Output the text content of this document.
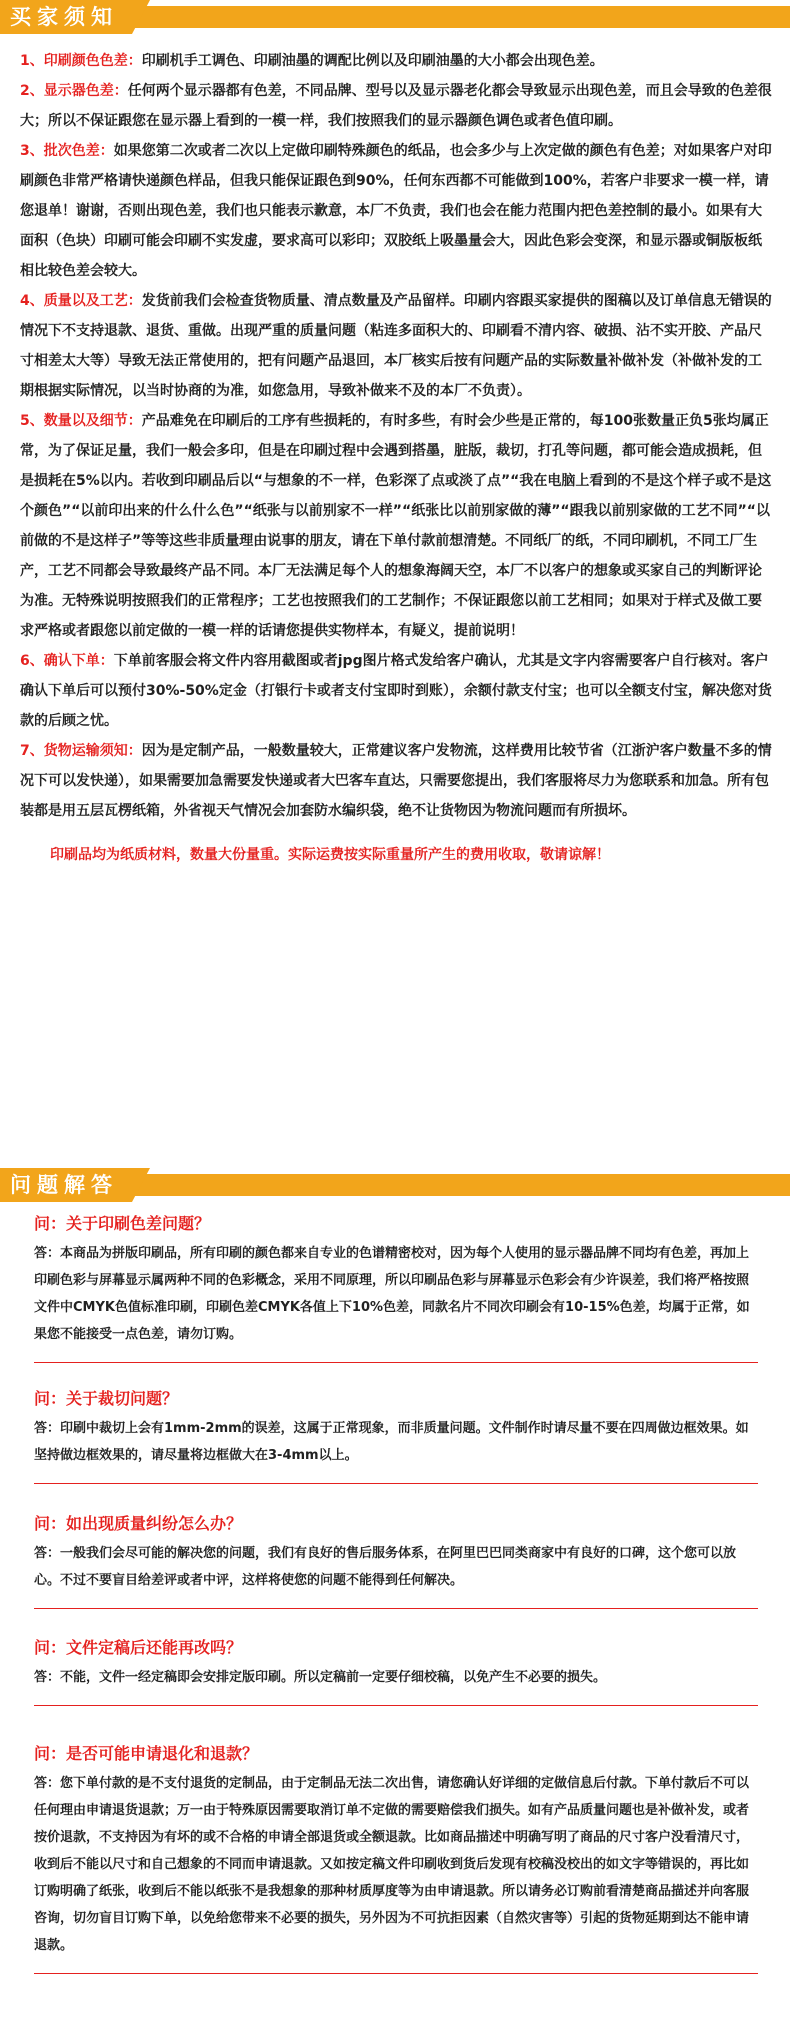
买家须知

1、印刷颜色色差：印刷机手工调色、印刷油墨的调配比例以及印刷油墨的大小都会出现色差。

2、显示器色差：任何两个显示器都有色差，不同品牌、型号以及显示器老化都会导致显示出现色差，而且会导致的色差很大；所以不保证跟您在显示器上看到的一模一样，我们按照我们的显示器颜色调色或者色值印刷。

3、批次色差：如果您第二次或者二次以上定做印刷特殊颜色的纸品，也会多少与上次定做的颜色有色差；对如果客户对印刷颜色非常严格请快递颜色样品，但我只能保证跟色到90%，任何东西都不可能做到100%，若客户非要求一模一样，请您退单！谢谢，否则出现色差，我们也只能表示歉意，本厂不负责，我们也会在能力范围内把色差控制的最小。如果有大面积（色块）印刷可能会印刷不实发虚，要求高可以彩印；双胶纸上吸墨量会大，因此色彩会变深，和显示器或铜版板纸相比较色差会较大。

4、质量以及工艺：发货前我们会检查货物质量、清点数量及产品留样。印刷内容跟买家提供的图稿以及订单信息无错误的情况下不支持退款、退货、重做。出现严重的质量问题（粘连多面积大的、印刷看不清内容、破损、沾不实开胶、产品尺寸相差太大等）导致无法正常使用的，把有问题产品退回，本厂核实后按有问题产品的实际数量补做补发（补做补发的工期根据实际情况，以当时协商的为准，如您急用，导致补做来不及的本厂不负责）。

5、数量以及细节：产品难免在印刷后的工序有些损耗的，有时多些，有时会少些是正常的，每100张数量正负5张均属正常，为了保证足量，我们一般会多印，但是在印刷过程中会遇到搭墨，脏版，裁切，打孔等问题，都可能会造成损耗，但是损耗在5%以内。若收到印刷品后以“与想象的不一样，色彩深了点或淡了点”“我在电脑上看到的不是这个样子或不是这个颜色”“以前印出来的什么什么色”“纸张与以前别家不一样”“纸张比以前别家做的薄”“跟我以前别家做的工艺不同”“以前做的不是这样子”等等这些非质量理由说事的朋友，请在下单付款前想清楚。不同纸厂的纸，不同印刷机，不同工厂生产，工艺不同都会导致最终产品不同。本厂无法满足每个人的想象海阔天空，本厂不以客户的想象或买家自己的判断评论为准。无特殊说明按照我们的正常程序；工艺也按照我们的工艺制作；不保证跟您以前工艺相同；如果对于样式及做工要求严格或者跟您以前定做的一模一样的话请您提供实物样本，有疑义，提前说明！

6、确认下单：下单前客服会将文件内容用截图或者jpg图片格式发给客户确认，尤其是文字内容需要客户自行核对。客户确认下单后可以预付30%-50%定金（打银行卡或者支付宝即时到账），余额付款支付宝；也可以全额支付宝，解决您对货款的后顾之忧。

7、货物运输须知：因为是定制产品，一般数量较大，正常建议客户发物流，这样费用比较节省（江浙沪客户数量不多的情况下可以发快递），如果需要加急需要发快递或者大巴客车直达，只需要您提出，我们客服将尽力为您联系和加急。所有包装都是用五层瓦楞纸箱，外省视天气情况会加套防水编织袋，绝不让货物因为物流问题而有所损坏。

印刷品均为纸质材料，数量大份量重。实际运费按实际重量所产生的费用收取，敬请谅解！

问题解答
问：关于印刷色差问题？
答：本商品为拼版印刷品，所有印刷的颜色都来自专业的色谱精密校对，因为每个人使用的显示器品牌不同均有色差，再加上印刷色彩与屏幕显示属两种不同的色彩概念，采用不同原理，所以印刷品色彩与屏幕显示色彩会有少许误差，我们将严格按照文件中CMYK色值标准印刷，印刷色差CMYK各值上下10%色差，同款名片不同次印刷会有10-15%色差，均属于正常，如果您不能接受一点色差，请勿订购。
问：关于裁切问题？
答：印刷中裁切上会有1mm-2mm的误差，这属于正常现象，而非质量问题。文件制作时请尽量不要在四周做边框效果。如坚持做边框效果的，请尽量将边框做大在3-4mm以上。
问：如出现质量纠纷怎么办？
答：一般我们会尽可能的解决您的问题，我们有良好的售后服务体系，在阿里巴巴同类商家中有良好的口碑，这个您可以放心。不过不要盲目给差评或者中评，这样将使您的问题不能得到任何解决。
问：文件定稿后还能再改吗？
答：不能，文件一经定稿即会安排定版印刷。所以定稿前一定要仔细校稿，以免产生不必要的损失。
问：是否可能申请退化和退款？
答：您下单付款的是不支付退货的定制品，由于定制品无法二次出售，请您确认好详细的定做信息后付款。下单付款后不可以任何理由申请退货退款；万一由于特殊原因需要取消订单不定做的需要赔偿我们损失。如有产品质量问题也是补做补发，或者按价退款，不支持因为有坏的或不合格的申请全部退货或全额退款。比如商品描述中明确写明了商品的尺寸客户没看清尺寸，收到后不能以尺寸和自己想象的不同而申请退款。又如按定稿文件印刷收到货后发现有校稿没校出的如文字等错误的，再比如订购明确了纸张，收到后不能以纸张不是我想象的那种材质厚度等为由申请退款。所以请务必订购前看清楚商品描述并向客服咨询，切勿盲目订购下单，以免给您带来不必要的损失，另外因为不可抗拒因素（自然灾害等）引起的货物延期到达不能申请退款。
